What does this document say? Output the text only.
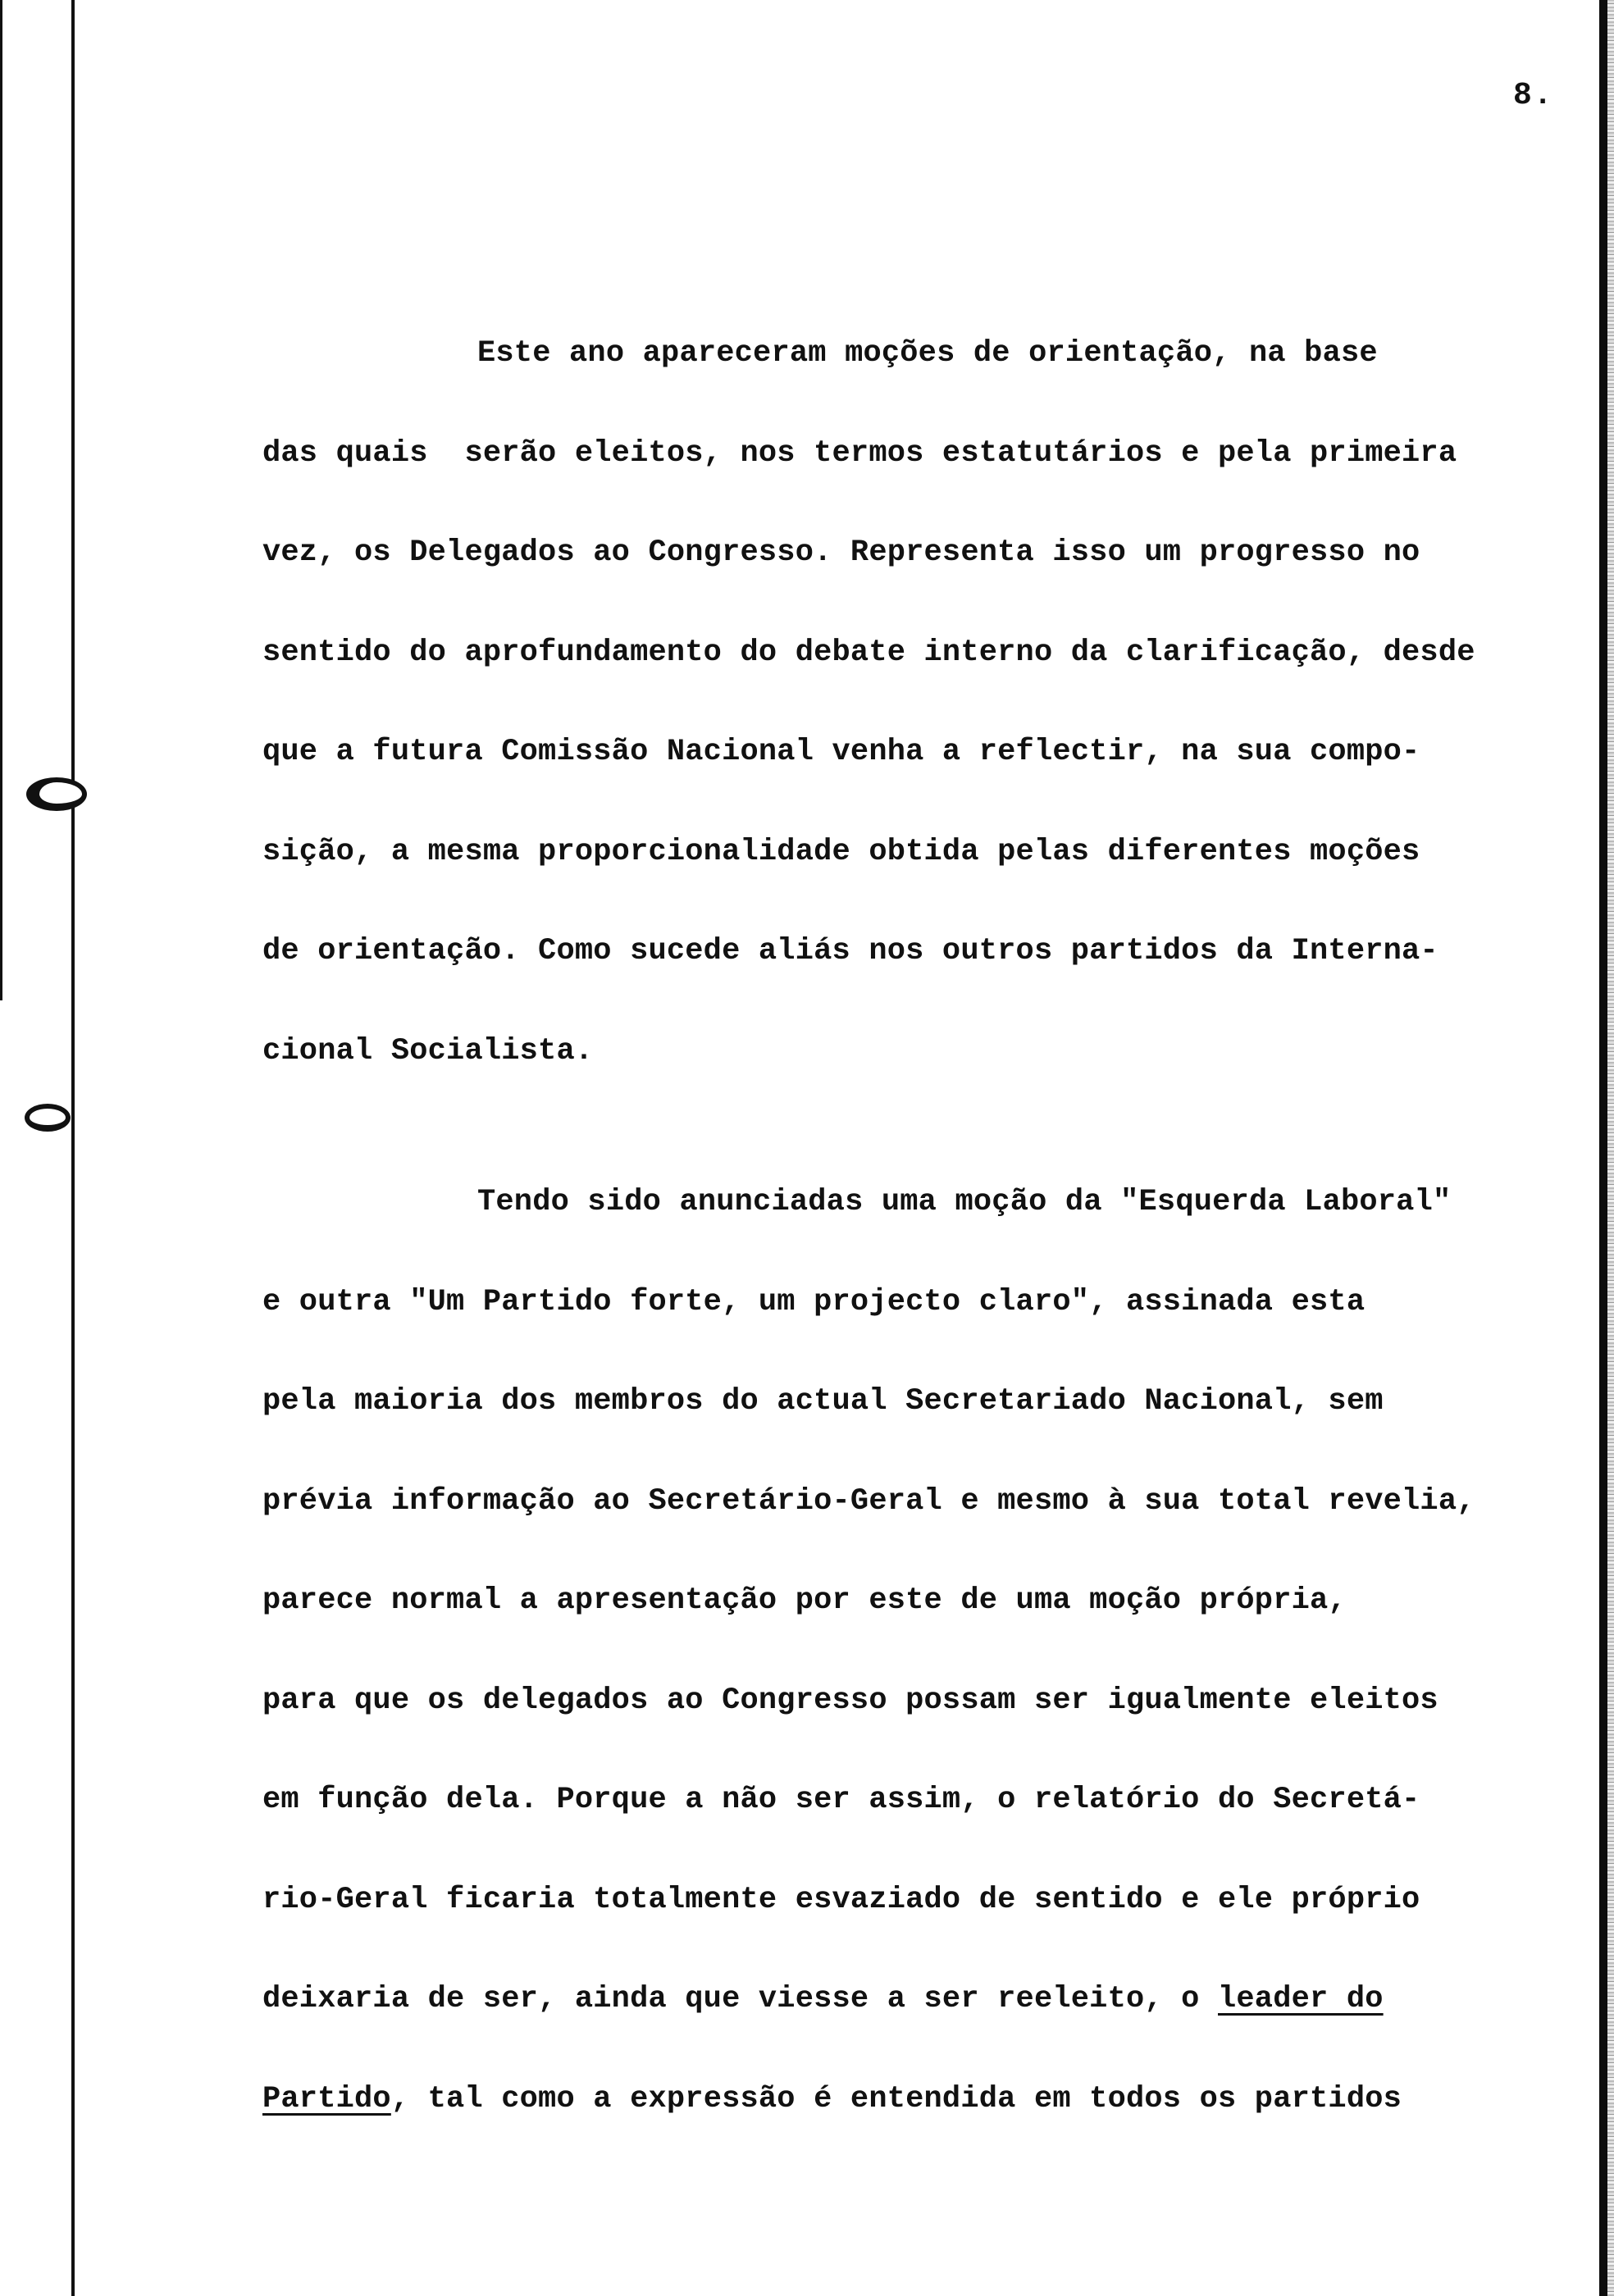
8.

Este ano apareceram moções de orientação, na base

das quais  serão eleitos, nos termos estatutários e pela primeira

vez, os Delegados ao Congresso. Representa isso um progresso no

sentido do aprofundamento do debate interno da clarificação, desde

que a futura Comissão Nacional venha a reflectir, na sua compo-

sição, a mesma proporcionalidade obtida pelas diferentes moções

de orientação. Como sucede aliás nos outros partidos da Interna-

cional Socialista.

Tendo sido anunciadas uma moção da "Esquerda Laboral"

e outra "Um Partido forte, um projecto claro", assinada esta

pela maioria dos membros do actual Secretariado Nacional, sem

prévia informação ao Secretário-Geral e mesmo à sua total revelia,

parece normal a apresentação por este de uma moção própria,

para que os delegados ao Congresso possam ser igualmente eleitos

em função dela. Porque a não ser assim, o relatório do Secretá-

rio-Geral ficaria totalmente esvaziado de sentido e ele próprio

deixaria de ser, ainda que viesse a ser reeleito, o leader do

Partido, tal como a expressão é entendida em todos os partidos
